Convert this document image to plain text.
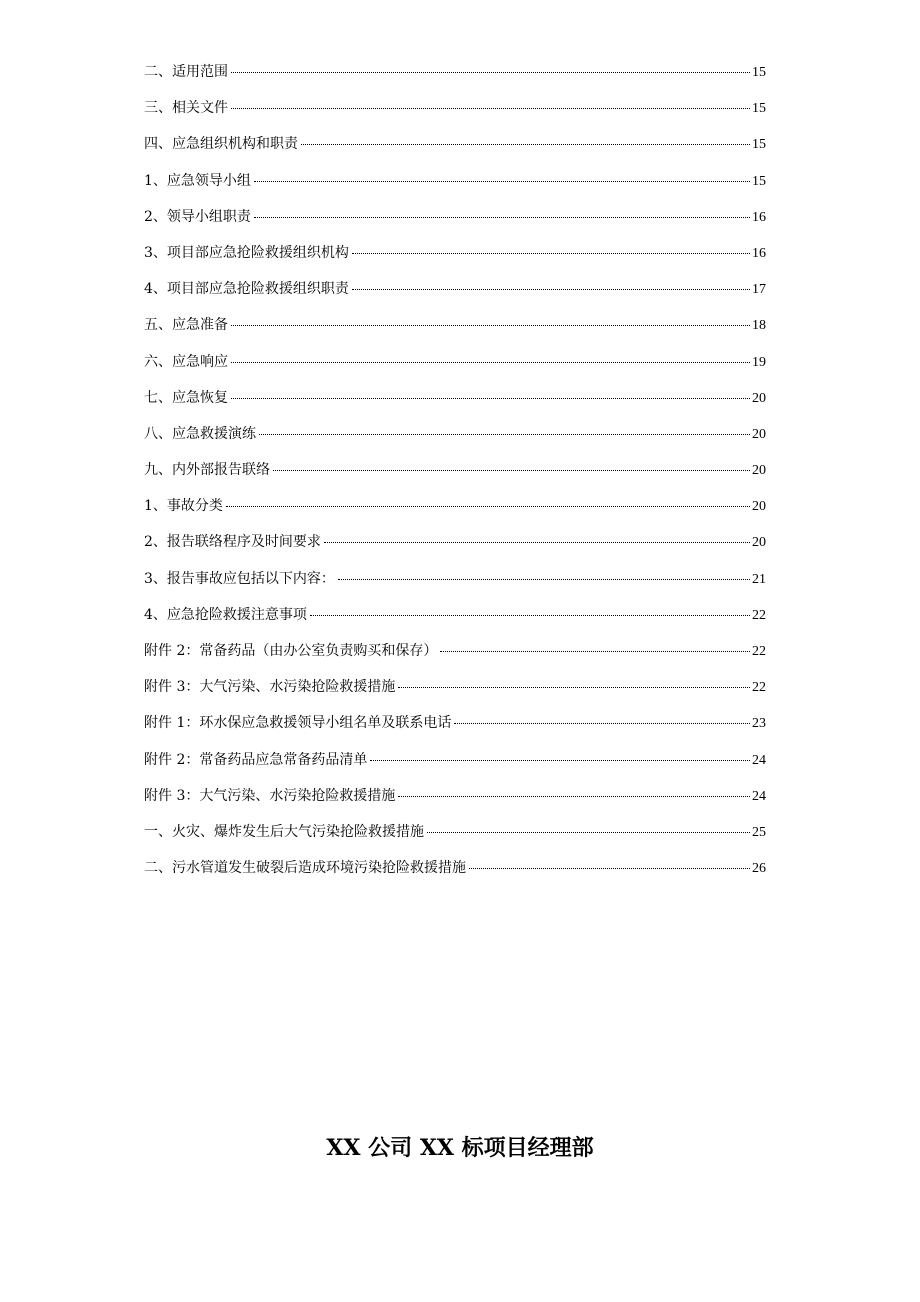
二、适用范围	15
三、相关文件	15
四、应急组织机构和职责	15
1、应急领导小组	15
2、领导小组职责	16
3、项目部应急抢险救援组织机构	16
4、项目部应急抢险救援组织职责	17
五、应急准备	18
六、应急响应	19
七、应急恢复	20
八、应急救援演练	20
九、内外部报告联络	20
1、事故分类	20
2、报告联络程序及时间要求	20
3、报告事故应包括以下内容：	21
4、应急抢险救援注意事项	22
附件 2：常备药品（由办公室负责购买和保存）	22
附件 3：大气污染、水污染抢险救援措施	22
附件 1：环水保应急救援领导小组名单及联系电话	23
附件 2：常备药品应急常备药品清单	24
附件 3：大气污染、水污染抢险救援措施	24
一、火灾、爆炸发生后大气污染抢险救援措施	25
二、污水管道发生破裂后造成环境污染抢险救援措施	26
XX 公司 XX 标项目经理部
